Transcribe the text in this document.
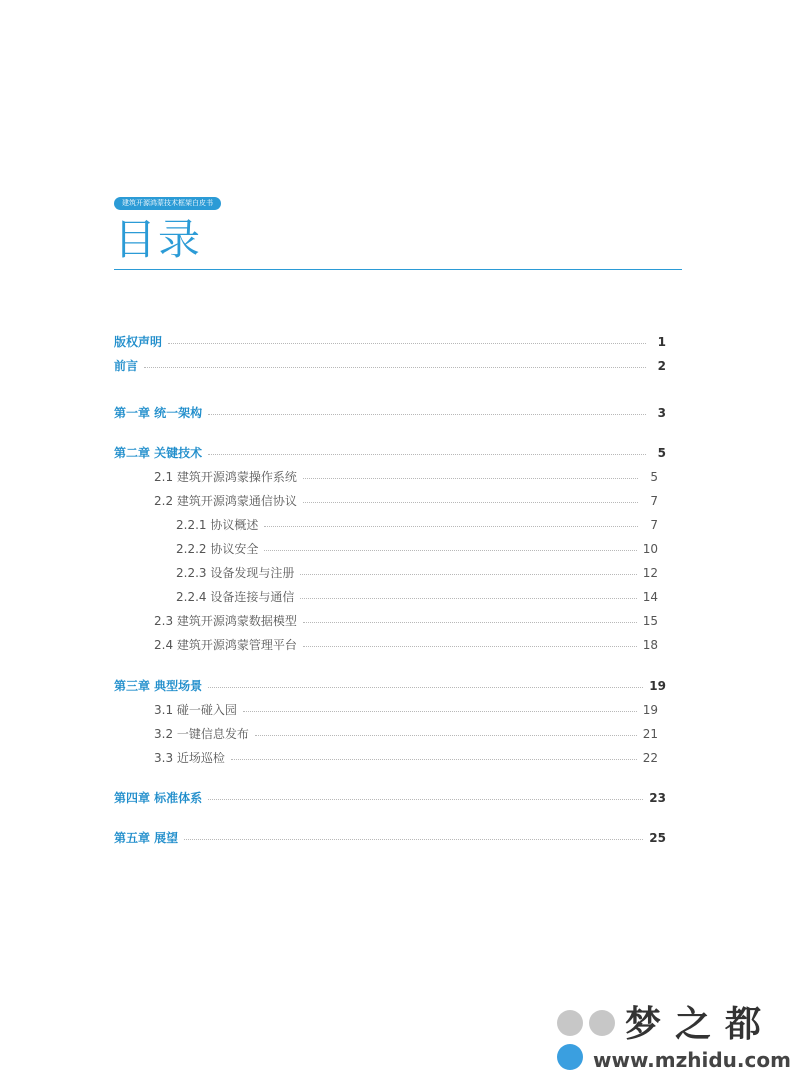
建筑开源鸿蒙技术框架白皮书
目录
版权声明	1
前言	2
第一章 统一架构	3
第二章 关键技术	5
2.1 建筑开源鸿蒙操作系统	5
2.2 建筑开源鸿蒙通信协议	7
2.2.1 协议概述	7
2.2.2 协议安全	10
2.2.3 设备发现与注册	12
2.2.4 设备连接与通信	14
2.3 建筑开源鸿蒙数据模型	15
2.4 建筑开源鸿蒙管理平台	18
第三章 典型场景	19
3.1 碰一碰入园	19
3.2 一键信息发布	21
3.3 近场巡检	22
第四章 标准体系	23
第五章 展望	25
梦之都
www.mzhidu.com
